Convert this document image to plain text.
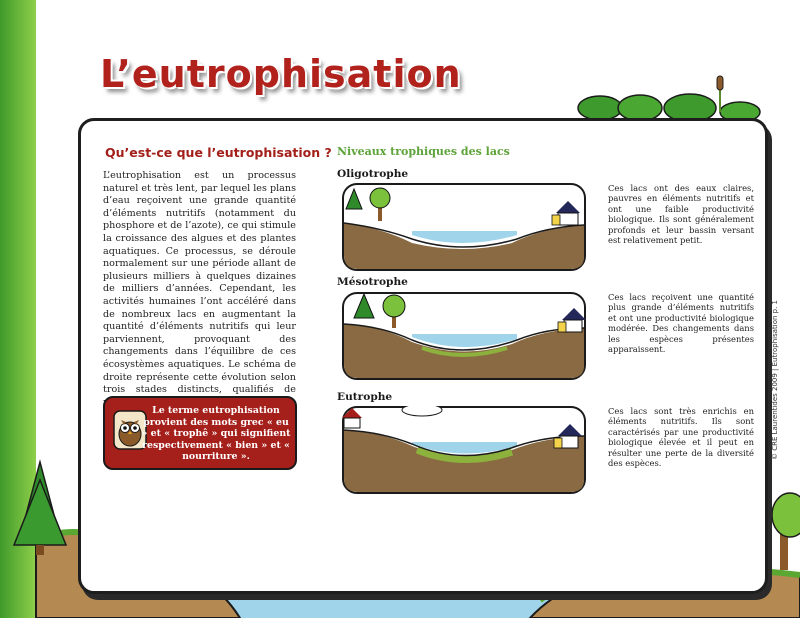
L’eutrophisation
Qu’est-ce que l’eutrophisation ?
L’eutrophisation est un processus naturel et très lent, par lequel les plans d’eau reçoivent une grande quantité d’éléments nutritifs (notamment du phosphore et de l’azote), ce qui stimule la croissance des algues et des plantes aquatiques. Ce processus, se déroule normalement sur une période allant de plusieurs milliers à quelques dizaines de milliers d’années. Cependant, les activités humaines l’ont accéléré dans de nombreux lacs en augmentant la quantité d’éléments nutritifs qui leur parviennent, provoquant des changements dans l’équilibre de ces écosystèmes aquatiques. Le schéma de droite représente cette évolution selon trois stades distincts, qualifiés de
Le terme eutrophisation provient des mots grec « eu » et « trophê » qui signifient respectivement « bien » et « nourriture ».
Niveaux trophiques des lacs
Oligotrophe
Ces lacs ont des eaux claires, pauvres en éléments nutritifs et ont une faible productivité biologique. Ils sont généralement profonds et leur bassin versant est relativement petit.
Mésotrophe
Ces lacs reçoivent une quantité plus grande d’éléments nutritifs et ont une productivité biologique modérée. Des changements dans les espèces présentes apparaissent.
Eutrophe
Ces lacs sont très enrichis en éléments nutritifs. Ils sont caractérisés par une productivité biologique élevée et il peut en résulter une perte de la diversité des espèces.
© CRE Laurentides 2009 | Eutrophisation p. 1
